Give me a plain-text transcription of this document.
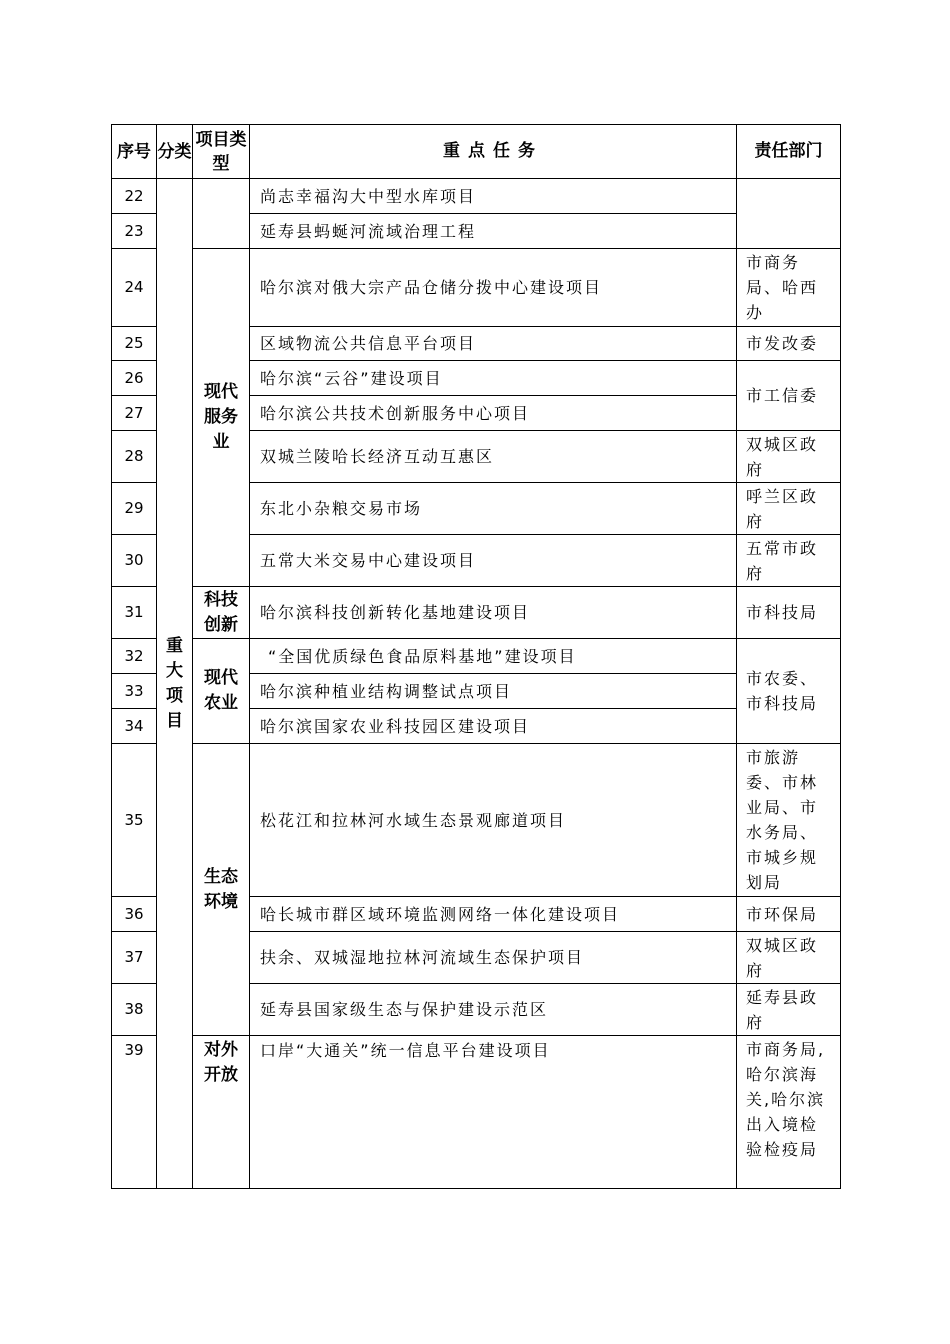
序号	分类	项目类型	重点任务	责任部门
22	重大项目		尚志幸福沟大中型水库项目	
23			延寿县蚂蜒河流域治理工程	
24		现代服务业	哈尔滨对俄大宗产品仓储分拨中心建设项目	市商务局、哈西办
25			区域物流公共信息平台项目	市发改委
26			哈尔滨“云谷”建设项目	市工信委
27			哈尔滨公共技术创新服务中心项目	
28			双城兰陵哈长经济互动互惠区	双城区政府
29			东北小杂粮交易市场	呼兰区政府
30			五常大米交易中心建设项目	五常市政府
31		科技创新	哈尔滨科技创新转化基地建设项目	市科技局
32		现代农业	“全国优质绿色食品原料基地”建设项目	市农委、市科技局
33			哈尔滨种植业结构调整试点项目	
34			哈尔滨国家农业科技园区建设项目	
35		生态环境	松花江和拉林河水域生态景观廊道项目	市旅游委、市林业局、市水务局、市城乡规划局
36			哈长城市群区域环境监测网络一体化建设项目	市环保局
37			扶余、双城湿地拉林河流域生态保护项目	双城区政府
38			延寿县国家级生态与保护建设示范区	延寿县政府
39		对外开放	口岸“大通关”统一信息平台建设项目	市商务局,哈尔滨海关,哈尔滨出入境检验检疫局
